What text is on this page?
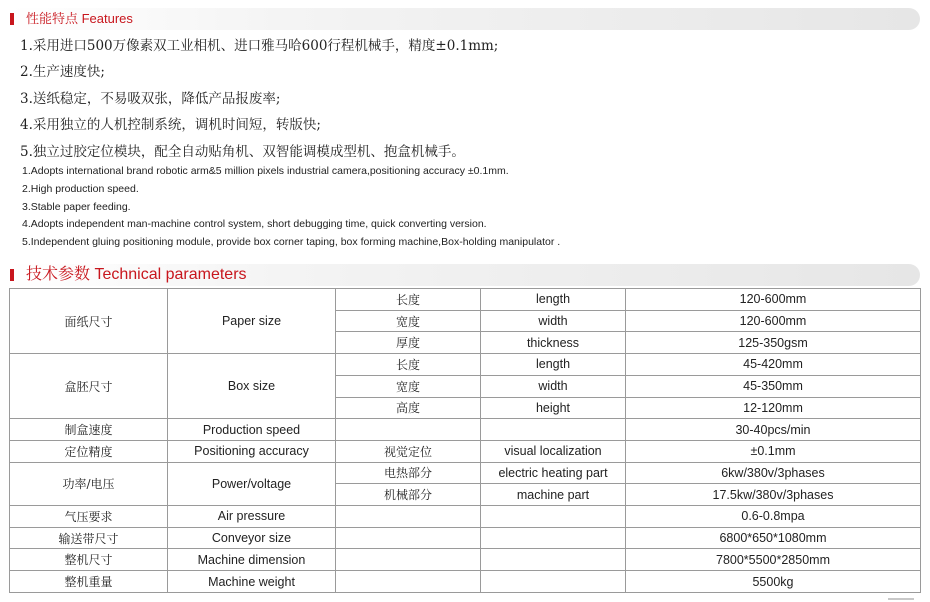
性能特点 Features
1.采用进口500万像素双工业相机、进口雅马哈600行程机械手，精度±0.1mm;
2.生产速度快;
3.送纸稳定，不易吸双张，降低产品报废率;
4.采用独立的人机控制系统，调机时间短，转版快;
5.独立过胶定位模块，配全自动贴角机、双智能调模成型机、抱盒机械手。
1.Adopts international brand robotic arm&5 million pixels industrial camera,positioning accuracy ±0.1mm.
2.High production speed.
3.Stable paper feeding.
4.Adopts independent man-machine control system, short debugging time, quick converting version.
5.Independent gluing positioning module, provide box corner taping, box forming machine,Box-holding manipulator .
技术参数 Technical parameters
面纸尺寸	Paper size	长度	length	120-600mm
		宽度	width	120-600mm
		厚度	thickness	125-350gsm
盒胚尺寸	Box size	长度	length	45-420mm
		宽度	width	45-350mm
		高度	height	12-120mm
制盒速度	Production speed			30-40pcs/min
定位精度	Positioning accuracy	视觉定位	visual localization	±0.1mm
功率/电压	Power/voltage	电热部分	electric heating part	6kw/380v/3phases
		机械部分	machine part	17.5kw/380v/3phases
气压要求	Air pressure			0.6-0.8mpa
输送带尺寸	Conveyor size			6800*650*1080mm
整机尺寸	Machine dimension			7800*5500*2850mm
整机重量	Machine weight			5500kg
